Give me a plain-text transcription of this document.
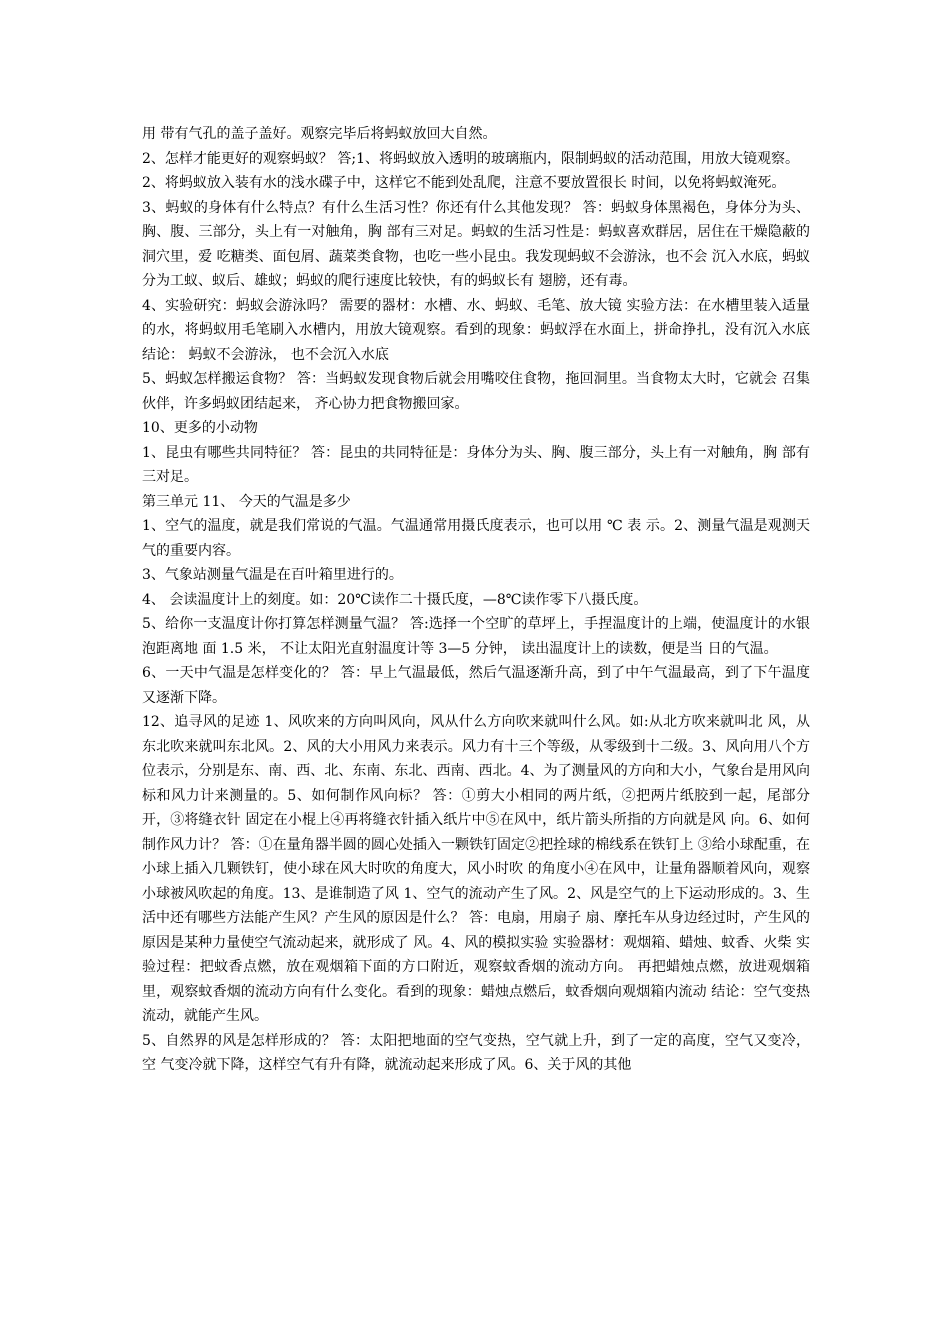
用 带有气孔的盖子盖好。观察完毕后将蚂蚁放回大自然。

2、怎样才能更好的观察蚂蚁？ 答;1、将蚂蚁放入透明的玻璃瓶内，限制蚂蚁的活动范围，用放大镜观察。

2、将蚂蚁放入装有水的浅水碟子中，这样它不能到处乱爬，注意不要放置很长 时间，以免将蚂蚁淹死。

3、蚂蚁的身体有什么特点？有什么生活习性？你还有什么其他发现？ 答：蚂蚁身体黑褐色，身体分为头、胸、腹、三部分，头上有一对触角，胸 部有三对足。蚂蚁的生活习性是：蚂蚁喜欢群居，居住在干燥隐蔽的洞穴里，爱 吃糖类、面包屑、蔬菜类食物，也吃一些小昆虫。我发现蚂蚁不会游泳，也不会 沉入水底，蚂蚁分为工蚁、蚁后、雄蚁；蚂蚁的爬行速度比较快，有的蚂蚁长有 翅膀，还有毒。

4、实验研究：蚂蚁会游泳吗？ 需要的器材：水槽、水、蚂蚁、毛笔、放大镜 实验方法：在水槽里装入适量的水，将蚂蚁用毛笔刷入水槽内，用放大镜观察。看到的现象：蚂蚁浮在水面上，拼命挣扎，没有沉入水底 结论： 蚂蚁不会游泳， 也不会沉入水底

5、蚂蚁怎样搬运食物？ 答：当蚂蚁发现食物后就会用嘴咬住食物，拖回洞里。当食物太大时，它就会 召集伙伴，许多蚂蚁团结起来， 齐心协力把食物搬回家。

10、更多的小动物

1、昆虫有哪些共同特征？ 答：昆虫的共同特征是：身体分为头、胸、腹三部分，头上有一对触角，胸 部有三对足。

第三单元 11、 今天的气温是多少

1、空气的温度，就是我们常说的气温。气温通常用摄氏度表示，也可以用 ℃ 表 示。2、测量气温是观测天气的重要内容。

3、气象站测量气温是在百叶箱里进行的。

4、 会读温度计上的刻度。如：20℃读作二十摄氏度，—8℃读作零下八摄氏度。

5、给你一支温度计你打算怎样测量气温？ 答:选择一个空旷的草坪上，手捏温度计的上端，使温度计的水银泡距离地 面 1.5 米， 不让太阳光直射温度计等 3—5 分钟， 读出温度计上的读数，便是当 日的气温。

6、一天中气温是怎样变化的？ 答：早上气温最低，然后气温逐渐升高，到了中午气温最高，到了下午温度 又逐渐下降。

12、追寻风的足迹 1、风吹来的方向叫风向，风从什么方向吹来就叫什么风。如:从北方吹来就叫北 风，从东北吹来就叫东北风。2、风的大小用风力来表示。风力有十三个等级，从零级到十二级。3、风向用八个方位表示，分别是东、南、西、北、东南、东北、西南、西北。4、为了测量风的方向和大小，气象台是用风向标和风力计来测量的。5、如何制作风向标？ 答：①剪大小相同的两片纸，②把两片纸胶到一起，尾部分开，③将缝衣针 固定在小棍上④再将缝衣针插入纸片中⑤在风中，纸片箭头所指的方向就是风 向。6、如何制作风力计？ 答：①在量角器半圆的圆心处插入一颗铁钉固定②把拴球的棉线系在铁钉上 ③给小球配重，在小球上插入几颗铁钉，使小球在风大时吹的角度大，风小时吹 的角度小④在风中，让量角器顺着风向，观察小球被风吹起的角度。13、是谁制造了风 1、空气的流动产生了风。2、风是空气的上下运动形成的。3、生活中还有哪些方法能产生风？产生风的原因是什么？ 答：电扇，用扇子 扇、摩托车从身边经过时，产生风的原因是某种力量使空气流动起来，就形成了 风。4、风的模拟实验 实验器材：观烟箱、蜡烛、蚊香、火柴 实验过程：把蚊香点燃，放在观烟箱下面的方口附近，观察蚊香烟的流动方向。 再把蜡烛点燃，放进观烟箱里，观察蚊香烟的流动方向有什么变化。看到的现象：蜡烛点燃后，蚊香烟向观烟箱内流动 结论：空气变热流动，就能产生风。

5、自然界的风是怎样形成的？ 答：太阳把地面的空气变热，空气就上升，到了一定的高度，空气又变冷，空 气变冷就下降，这样空气有升有降，就流动起来形成了风。6、关于风的其他
